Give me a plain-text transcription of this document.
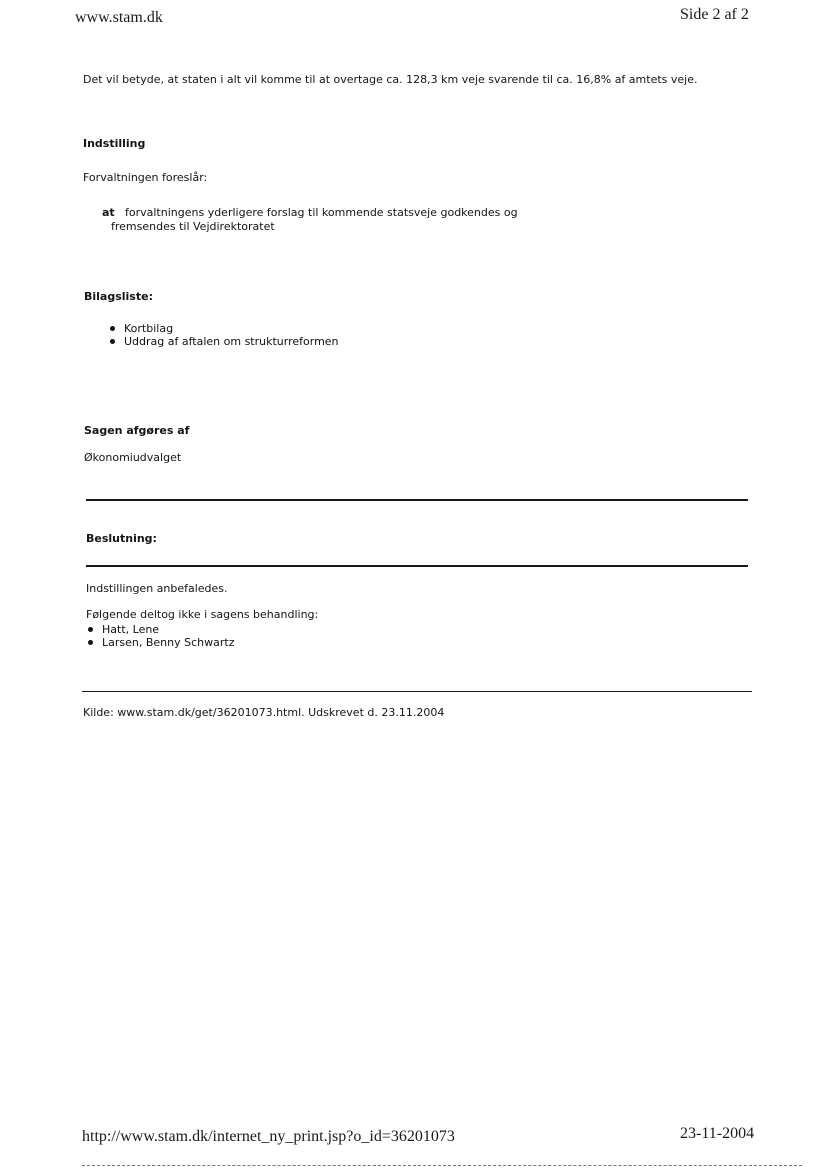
www.stam.dk	Side 2 af 2
Det vil betyde, at staten i alt vil komme til at overtage ca. 128,3 km veje svarende til ca. 16,8% af amtets veje.
Indstilling
Forvaltningen foreslår:
at forvaltningens yderligere forslag til kommende statsveje godkendes og
fremsendes til Vejdirektoratet
Bilagsliste:
Kortbilag
Uddrag af aftalen om strukturreformen
Sagen afgøres af
Økonomiudvalget
Beslutning:
Indstillingen anbefaledes.
Følgende deltog ikke i sagens behandling:
Hatt, Lene
Larsen, Benny Schwartz
Kilde: www.stam.dk/get/36201073.html. Udskrevet d. 23.11.2004
http://www.stam.dk/internet_ny_print.jsp?o_id=36201073	23-11-2004
